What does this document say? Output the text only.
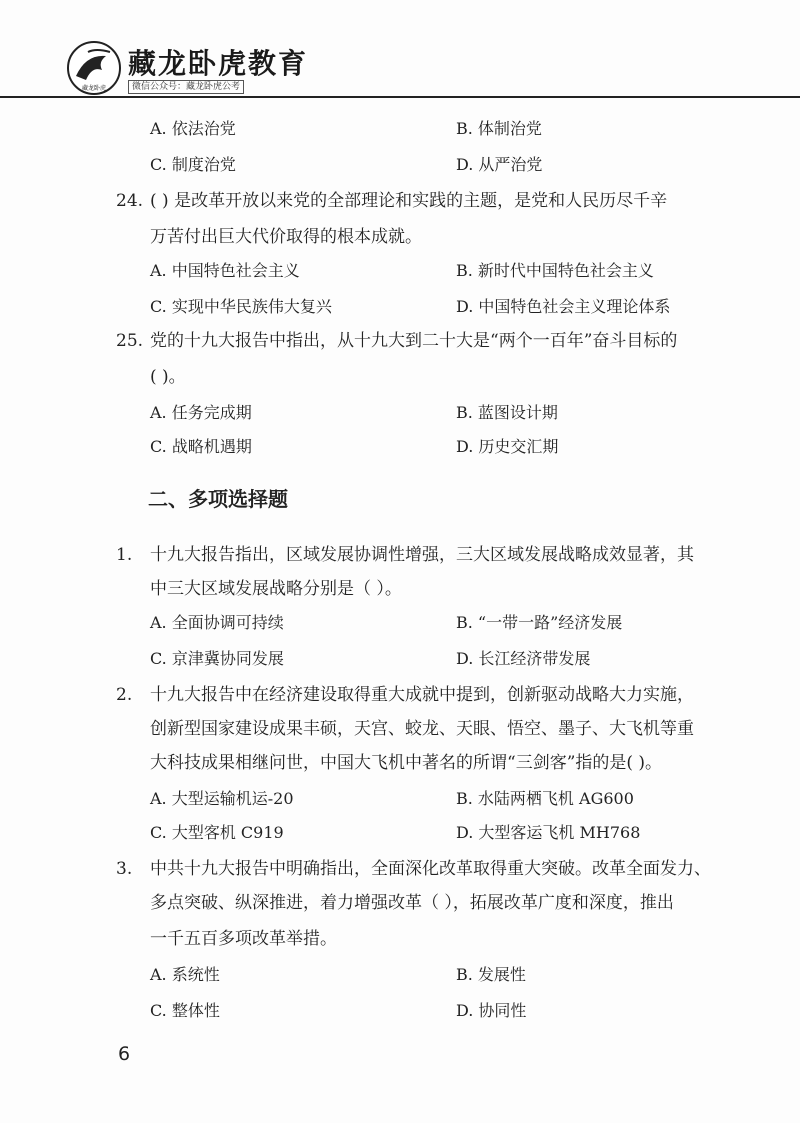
藏龙卧虎
藏龙卧虎教育
微信公众号：藏龙卧虎公考
A. 依法治党	B. 体制治党
C. 制度治党	D. 从严治党
24. ( ) 是改革开放以来党的全部理论和实践的主题，是党和人民历尽千辛
万苦付出巨大代价取得的根本成就。
A. 中国特色社会主义	B. 新时代中国特色社会主义
C. 实现中华民族伟大复兴	D. 中国特色社会主义理论体系
25. 党的十九大报告中指出，从十九大到二十大是“两个一百年”奋斗目标的
( )。
A. 任务完成期	B. 蓝图设计期
C. 战略机遇期	D. 历史交汇期
二、多项选择题
1. 十九大报告指出，区域发展协调性增强，三大区域发展战略成效显著，其
中三大区域发展战略分别是（ ）。
A. 全面协调可持续	B. “一带一路”经济发展
C. 京津冀协同发展	D. 长江经济带发展
2. 十九大报告中在经济建设取得重大成就中提到，创新驱动战略大力实施，
创新型国家建设成果丰硕，天宫、蛟龙、天眼、悟空、墨子、大飞机等重
大科技成果相继问世，中国大飞机中著名的所谓“三剑客”指的是( )。
A. 大型运输机运-20	B. 水陆两栖飞机 AG600
C. 大型客机 C919	D. 大型客运飞机 MH768
3. 中共十九大报告中明确指出，全面深化改革取得重大突破。改革全面发力、
多点突破、纵深推进，着力增强改革（ ），拓展改革广度和深度，推出
一千五百多项改革举措。
A. 系统性	B. 发展性
C. 整体性	D. 协同性
6
